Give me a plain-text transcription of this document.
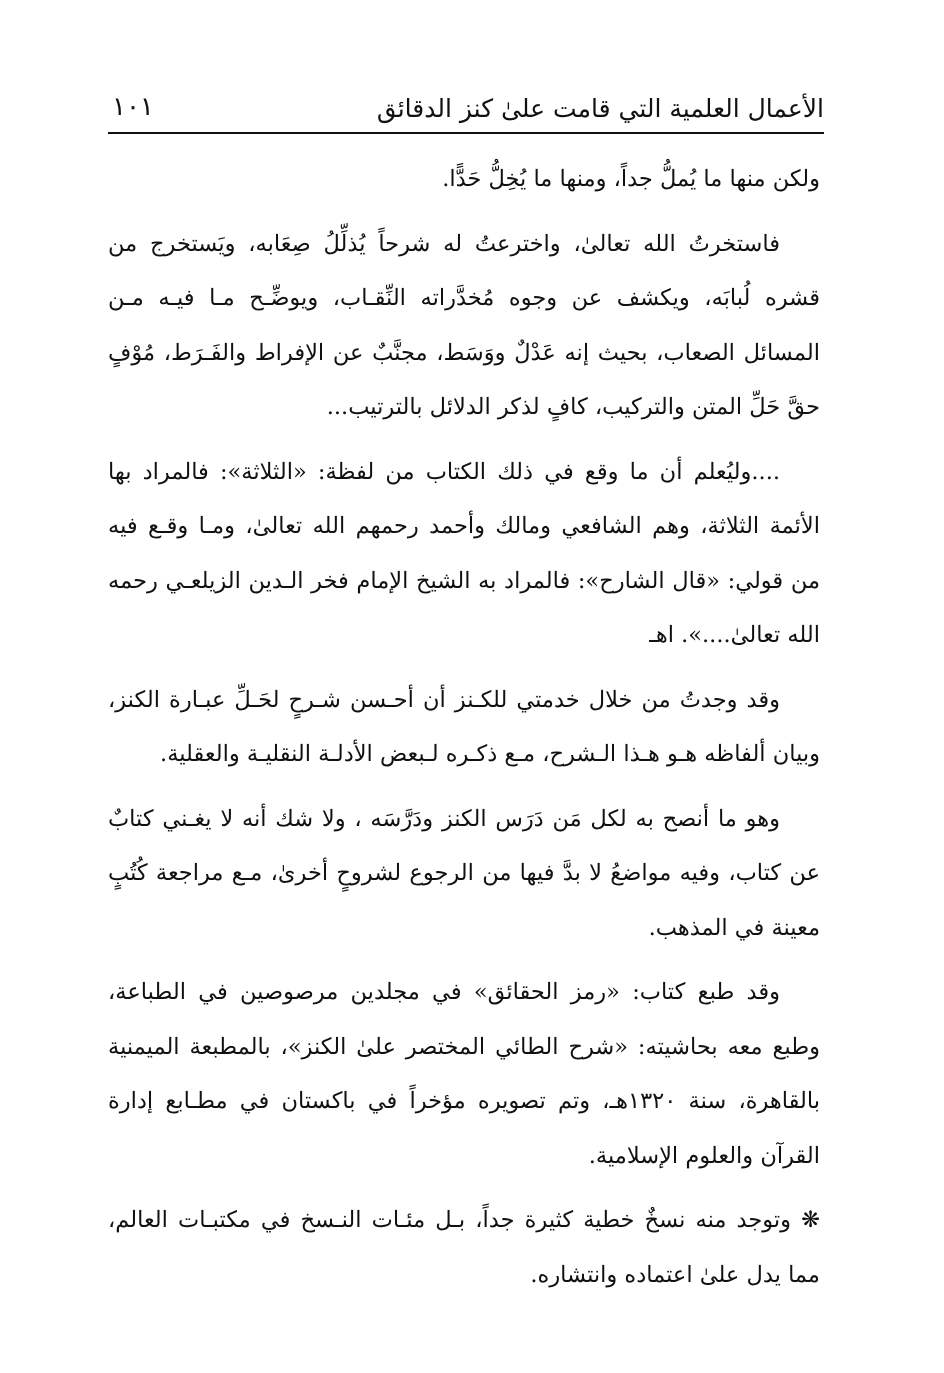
الأعمال العلمية التي قامت علىٰ كنز الدقائق
١٠١

ولكن منها ما يُملُّ جداً، ومنها ما يُخِلُّ حَدًّا.

فاستخرتُ الله تعالىٰ، واخترعتُ له شرحاً يُذلِّلُ صِعَابه، ويَستخرج من قشره لُبابَه، ويكشف عن وجوه مُخدَّراته النِّقـاب، ويوضِّـح مـا فيـه مـن المسائل الصعاب، بحيث إنه عَدْلٌ ووَسَط، مجنَّبٌ عن الإفراط والفَـرَط، مُوْفٍ حقَّ حَلِّ المتن والتركيب، كافٍ لذكر الدلائل بالترتيب...

....وليُعلم أن ما وقع في ذلك الكتاب من لفظة: «الثلاثة»: فالمراد بها الأئمة الثلاثة، وهم الشافعي ومالك وأحمد رحمهم الله تعالىٰ، ومـا وقـع فيه من قولي: «قال الشارح»: فالمراد به الشيخ الإمام فخر الـدين الزيلعـي رحمه الله تعالىٰ....». اهـ

وقد وجدتُ من خلال خدمتي للكـنز أن أحـسن شـرحٍ لحَـلِّ عبـارة الكنز، وبيان ألفاظه هـو هـذا الـشرح، مـع ذكـره لـبعض الأدلـة النقليـة والعقلية.

وهو ما أنصح به لكل مَن دَرَس الكنز ودَرَّسَه ، ولا شك أنه لا يغـني كتابٌ عن كتاب، وفيه مواضعُ لا بدَّ فيها من الرجوع لشروحٍ أخرىٰ، مـع مراجعة كُتُبٍ معينة في المذهب.

وقد طبع كتاب: «رمز الحقائق» في مجلدين مرصوصين في الطباعة، وطبع معه بحاشيته: «شرح الطائي المختصر علىٰ الكنز»، بالمطبعة الميمنية بالقاهرة، سنة ١٣٢٠هـ، وتم تصويره مؤخراً في باكستان في مطـابع إدارة القرآن والعلوم الإسلامية.

❋ وتوجد منه نسخٌ خطية كثيرة جداً، بـل مئـات النـسخ في مكتبـات العالم، مما يدل علىٰ اعتماده وانتشاره.
